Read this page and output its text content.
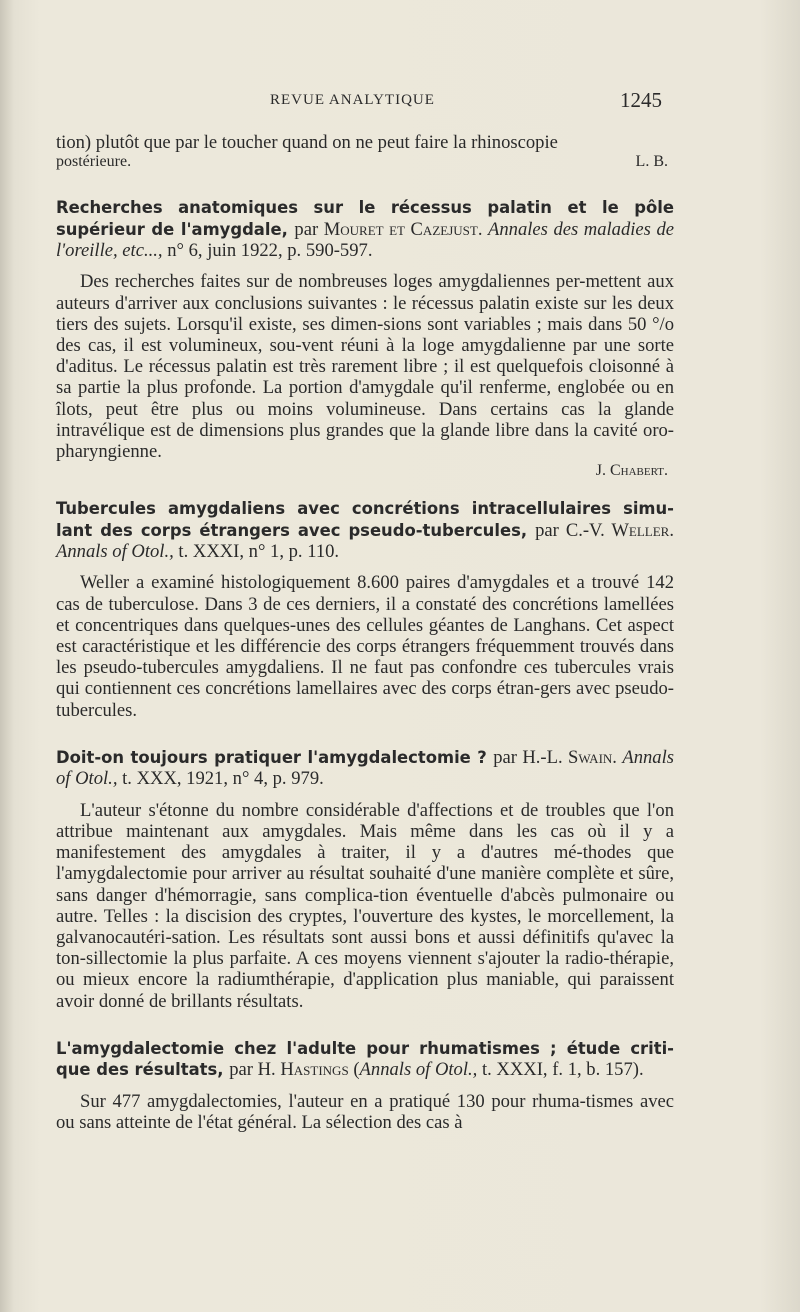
REVUE ANALYTIQUE	1245

tion) plutôt que par le toucher quand on ne peut faire la rhinoscopie

postérieure.	L. B.
Recherches anatomiques sur le récessus palatin et le pôle supérieur de l'amygdale, par Mouret et Cazejust. Annales des maladies de l'oreille, etc..., n° 6, juin 1922, p. 590-597.

Des recherches faites sur de nombreuses loges amygdaliennes per-mettent aux auteurs d'arriver aux conclusions suivantes : le récessus palatin existe sur les deux tiers des sujets. Lorsqu'il existe, ses dimen-sions sont variables ; mais dans 50 °/o des cas, il est volumineux, sou-vent réuni à la loge amygdalienne par une sorte d'aditus. Le récessus palatin est très rarement libre ; il est quelquefois cloisonné à sa partie la plus profonde. La portion d'amygdale qu'il renferme, englobée ou en îlots, peut être plus ou moins volumineuse. Dans certains cas la glande intravélique est de dimensions plus grandes que la glande libre dans la cavité oro-pharyngienne.

J. Chabert.
Tubercules amygdaliens avec concrétions intracellulaires simu-lant des corps étrangers avec pseudo-tubercules, par C.-V. Weller. Annals of Otol., t. XXXI, n° 1, p. 110.

Weller a examiné histologiquement 8.600 paires d'amygdales et a trouvé 142 cas de tuberculose. Dans 3 de ces derniers, il a constaté des concrétions lamellées et concentriques dans quelques-unes des cellules géantes de Langhans. Cet aspect est caractéristique et les différencie des corps étrangers fréquemment trouvés dans les pseudo-tubercules amygdaliens. Il ne faut pas confondre ces tubercules vrais qui contiennent ces concrétions lamellaires avec des corps étran-gers avec pseudo-tubercules.

Doit-on toujours pratiquer l'amygdalectomie ? par H.-L. Swain. Annals of Otol., t. XXX, 1921, n° 4, p. 979.

L'auteur s'étonne du nombre considérable d'affections et de troubles que l'on attribue maintenant aux amygdales. Mais même dans les cas où il y a manifestement des amygdales à traiter, il y a d'autres mé-thodes que l'amygdalectomie pour arriver au résultat souhaité d'une manière complète et sûre, sans danger d'hémorragie, sans complica-tion éventuelle d'abcès pulmonaire ou autre. Telles : la discision des cryptes, l'ouverture des kystes, le morcellement, la galvanocautéri-sation. Les résultats sont aussi bons et aussi définitifs qu'avec la ton-sillectomie la plus parfaite. A ces moyens viennent s'ajouter la radio-thérapie, ou mieux encore la radiumthérapie, d'application plus maniable, qui paraissent avoir donné de brillants résultats.

L'amygdalectomie chez l'adulte pour rhumatismes ; étude criti-que des résultats, par H. Hastings (Annals of Otol., t. XXXI, f. 1, b. 157).

Sur 477 amygdalectomies, l'auteur en a pratiqué 130 pour rhuma-tismes avec ou sans atteinte de l'état général. La sélection des cas à
